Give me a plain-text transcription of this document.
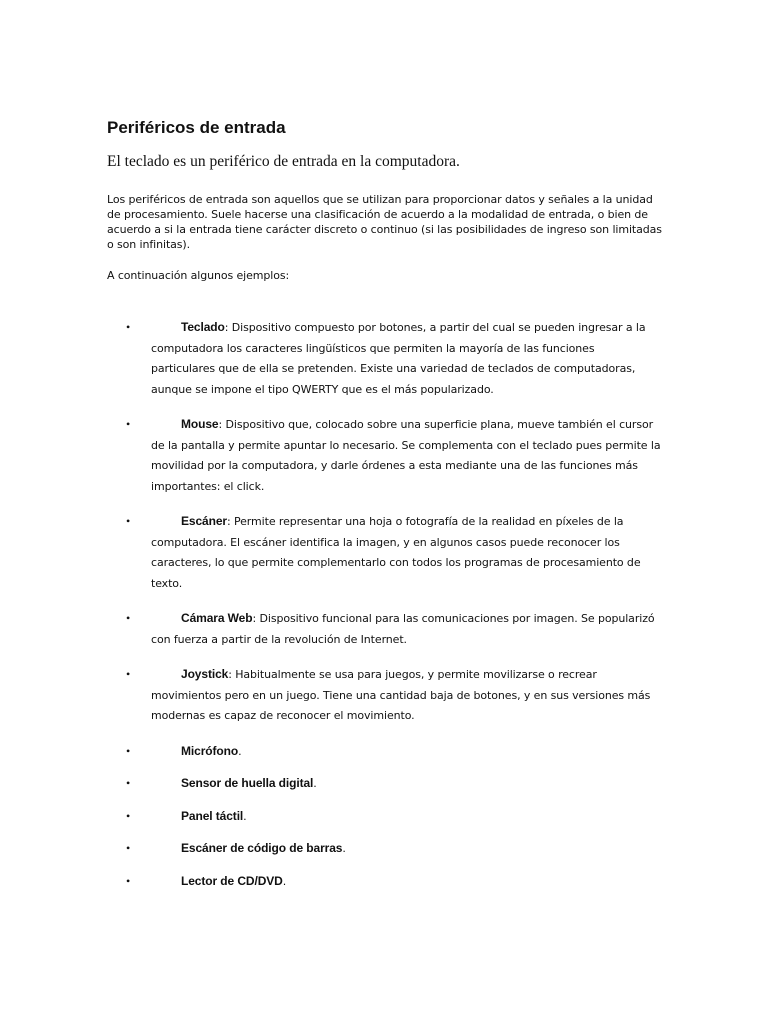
Periféricos de entrada

El teclado es un periférico de entrada en la computadora.

Los periféricos de entrada son aquellos que se utilizan para proporcionar datos y señales a la unidad de procesamiento. Suele hacerse una clasificación de acuerdo a la modalidad de entrada, o bien de acuerdo a si la entrada tiene carácter discreto o continuo (si las posibilidades de ingreso son limitadas o son infinitas).

A continuación algunos ejemplos:

•	Teclado: Dispositivo compuesto por botones, a partir del cual se pueden ingresar a la computadora los caracteres lingüísticos que permiten la mayoría de las funciones particulares que de ella se pretenden. Existe una variedad de teclados de computadoras, aunque se impone el tipo QWERTY que es el más popularizado.
•	Mouse: Dispositivo que, colocado sobre una superficie plana, mueve también el cursor de la pantalla y permite apuntar lo necesario. Se complementa con el teclado pues permite la movilidad por la computadora, y darle órdenes a esta mediante una de las funciones más importantes: el click.
•	Escáner: Permite representar una hoja o fotografía de la realidad en píxeles de la computadora. El escáner identifica la imagen, y en algunos casos puede reconocer los caracteres, lo que permite complementarlo con todos los programas de procesamiento de texto.
•	Cámara Web: Dispositivo funcional para las comunicaciones por imagen. Se popularizó con fuerza a partir de la revolución de Internet.
•	Joystick: Habitualmente se usa para juegos, y permite movilizarse o recrear movimientos pero en un juego. Tiene una cantidad baja de botones, y en sus versiones más modernas es capaz de reconocer el movimiento.
•	Micrófono.
•	Sensor de huella digital.
•	Panel táctil.
•	Escáner de código de barras.
•	Lector de CD/DVD.
